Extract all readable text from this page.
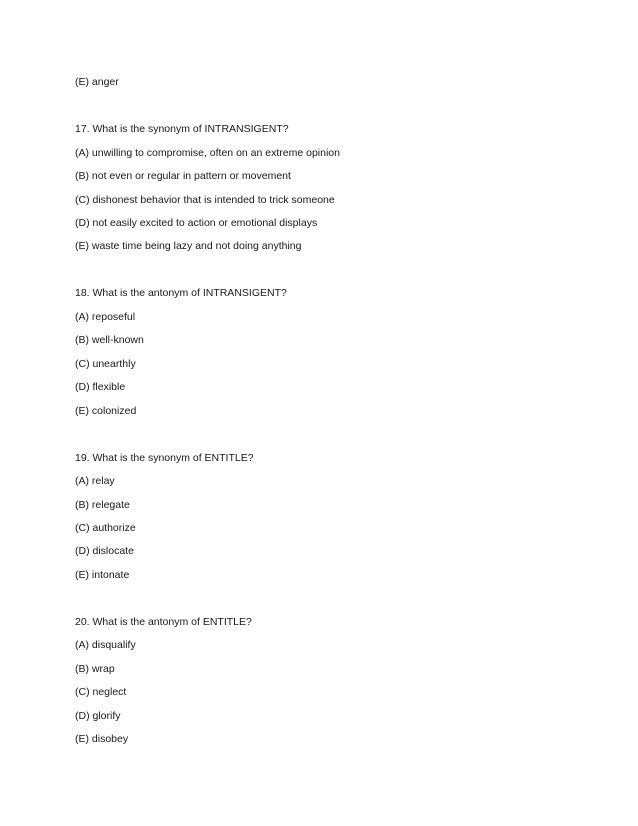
(E) anger
17. What is the synonym of INTRANSIGENT?
(A) unwilling to compromise, often on an extreme opinion
(B) not even or regular in pattern or movement
(C) dishonest behavior that is intended to trick someone
(D) not easily excited to action or emotional displays
(E) waste time being lazy and not doing anything
18. What is the antonym of INTRANSIGENT?
(A) reposeful
(B) well-known
(C) unearthly
(D) flexible
(E) colonized
19. What is the synonym of ENTITLE?
(A) relay
(B) relegate
(C) authorize
(D) dislocate
(E) intonate
20. What is the antonym of ENTITLE?
(A) disqualify
(B) wrap
(C) neglect
(D) glorify
(E) disobey
